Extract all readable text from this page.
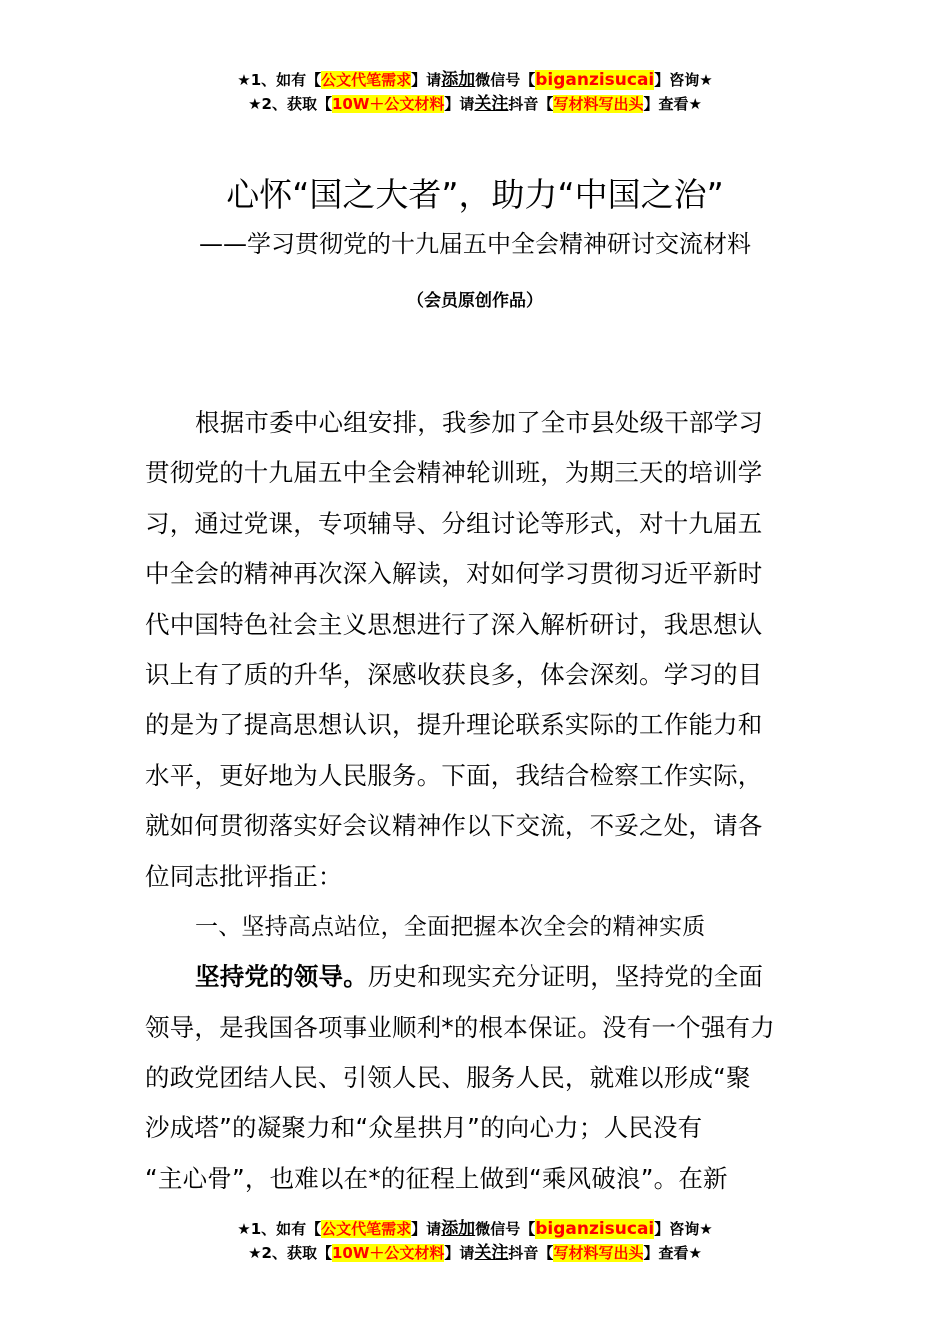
★1、如有【公文代笔需求】请添加微信号【biganzisucai】咨询★
★2、获取【10W＋公文材料】请关注抖音【写材料写出头】查看★
心怀“国之大者”，助力“中国之治”
——学习贯彻党的十九届五中全会精神研讨交流材料
（会员原创作品）
根据市委中心组安排，我参加了全市县处级干部学习
贯彻党的十九届五中全会精神轮训班，为期三天的培训学
习，通过党课，专项辅导、分组讨论等形式，对十九届五
中全会的精神再次深入解读，对如何学习贯彻习近平新时
代中国特色社会主义思想进行了深入解析研讨，我思想认
识上有了质的升华，深感收获良多，体会深刻。学习的目
的是为了提高思想认识，提升理论联系实际的工作能力和
水平，更好地为人民服务。下面，我结合检察工作实际，
就如何贯彻落实好会议精神作以下交流，不妥之处，请各
位同志批评指正：
一、坚持高点站位，全面把握本次全会的精神实质
坚持党的领导。历史和现实充分证明，坚持党的全面
领导，是我国各项事业顺利*的根本保证。没有一个强有力
的政党团结人民、引领人民、服务人民，就难以形成“聚
沙成塔”的凝聚力和“众星拱月”的向心力；人民没有
“主心骨”，也难以在*的征程上做到“乘风破浪”。在新
★1、如有【公文代笔需求】请添加微信号【biganzisucai】咨询★
★2、获取【10W＋公文材料】请关注抖音【写材料写出头】查看★
